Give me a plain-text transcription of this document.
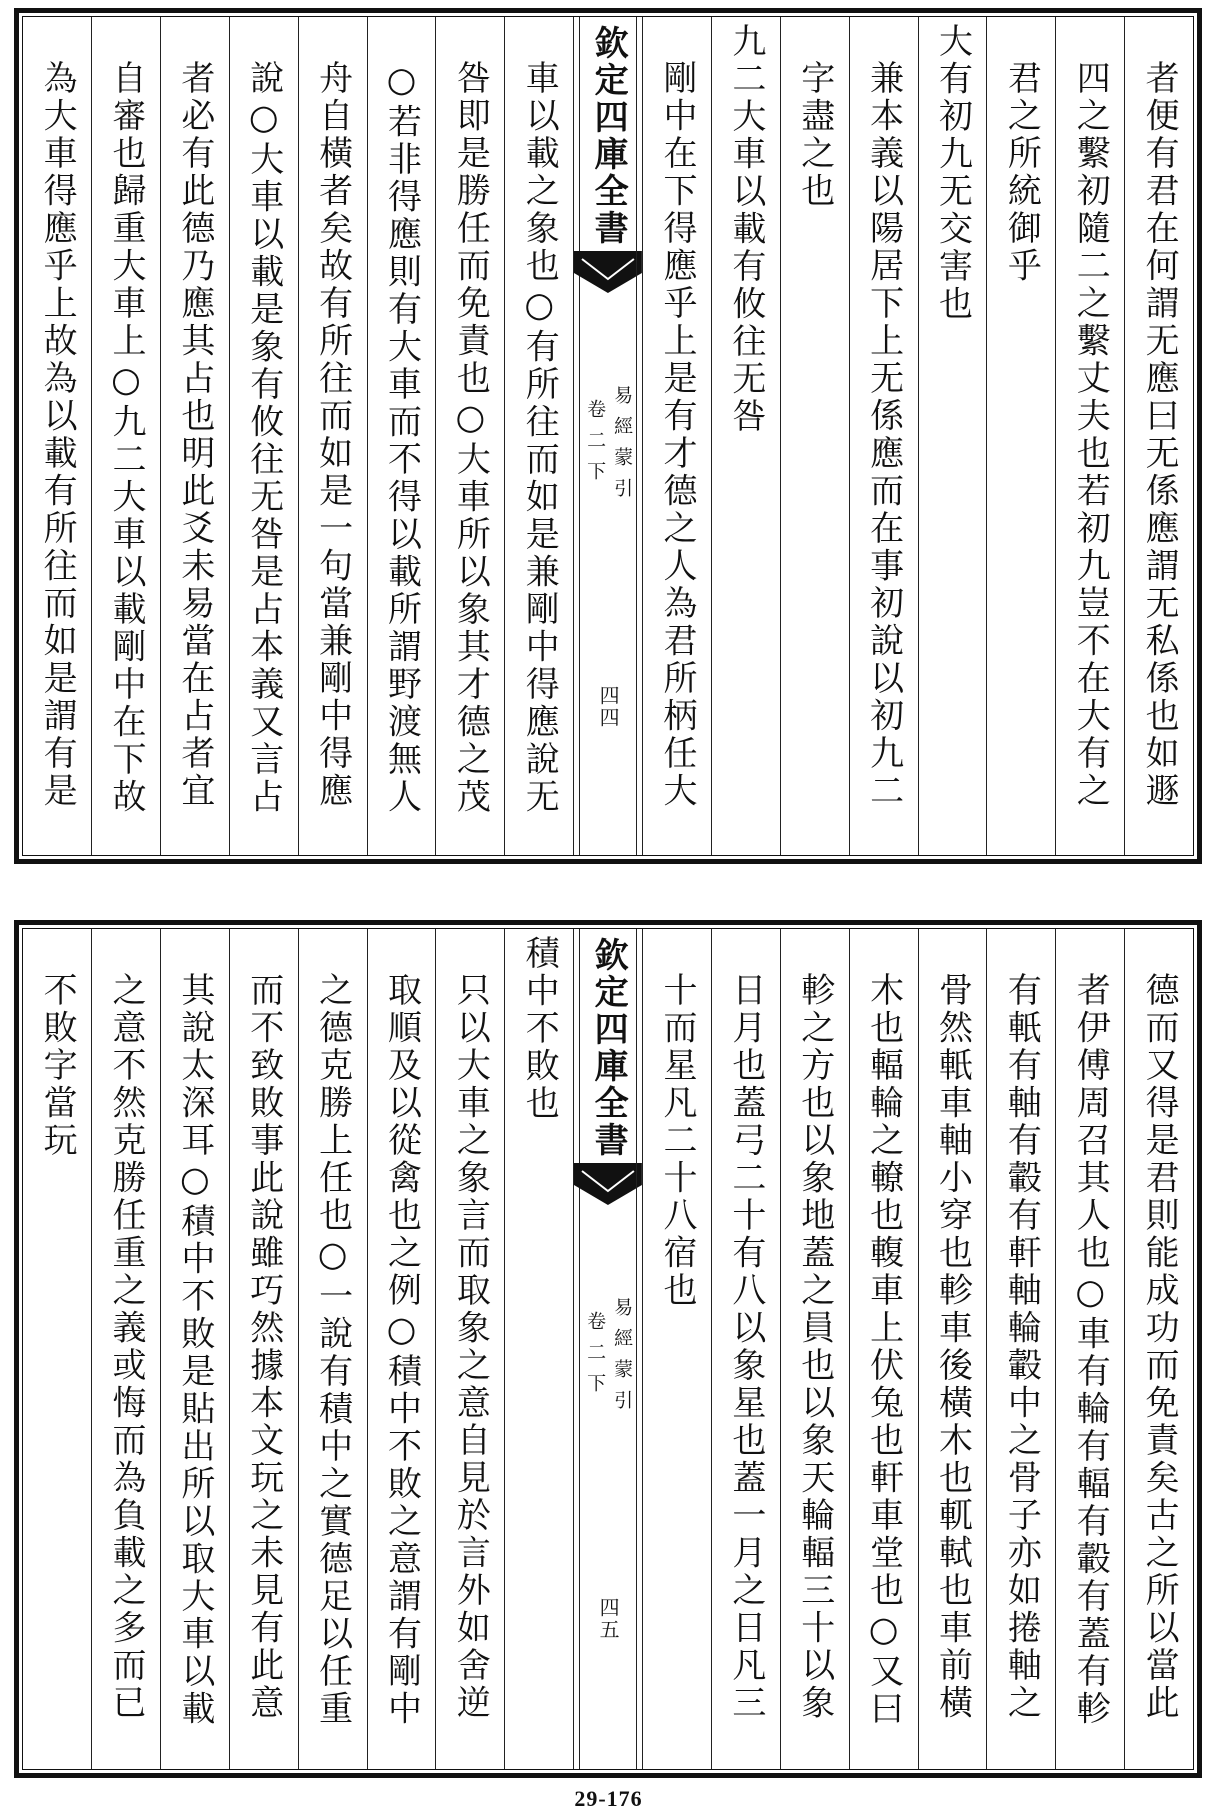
者便有君在何謂无應曰无係應謂无私係也如遯
四之繫初隨二之繫丈夫也若初九豈不在大有之
君之所統御乎
大有初九无交害也
兼本義以陽居下上无係應而在事初說以初九二
字盡之也
九二大車以載有攸往无咎
剛中在下得應乎上是有才德之人為君所柄任大
欽定四庫全書
易經蒙引
卷二下
四四
車以載之象也○有所往而如是兼剛中得應說无
咎即是勝任而免責也○大車所以象其才德之茂
○若非得應則有大車而不得以載所謂野渡無人
舟自橫者矣故有所往而如是一句當兼剛中得應
說○大車以載是象有攸往无咎是占本義又言占
者必有此德乃應其占也明此爻未易當在占者宜
自審也歸重大車上○九二大車以載剛中在下故
為大車得應乎上故為以載有所往而如是謂有是
德而又得是君則能成功而免責矣古之所以當此
者伊傅周召其人也○車有輪有輻有轂有蓋有軫
有軝有軸有轂有軒軸輪轂中之骨子亦如捲軸之
骨然軝車軸小穿也軫車後橫木也軏軾也車前橫
木也輻輪之轑也輹車上伏兔也軒車堂也○又曰
軫之方也以象地蓋之員也以象天輪輻三十以象
日月也蓋弓二十有八以象星也蓋一月之日凡三
十而星凡二十八宿也
欽定四庫全書
易經蒙引
卷二下
四五
積中不敗也
只以大車之象言而取象之意自見於言外如舍逆
取順及以從禽也之例○積中不敗之意謂有剛中
之德克勝上任也○一說有積中之實德足以任重
而不致敗事此說雖巧然據本文玩之未見有此意
其說太深耳○積中不敗是貼出所以取大車以載
之意不然克勝任重之義或悔而為負載之多而已
不敗字當玩
29-176
